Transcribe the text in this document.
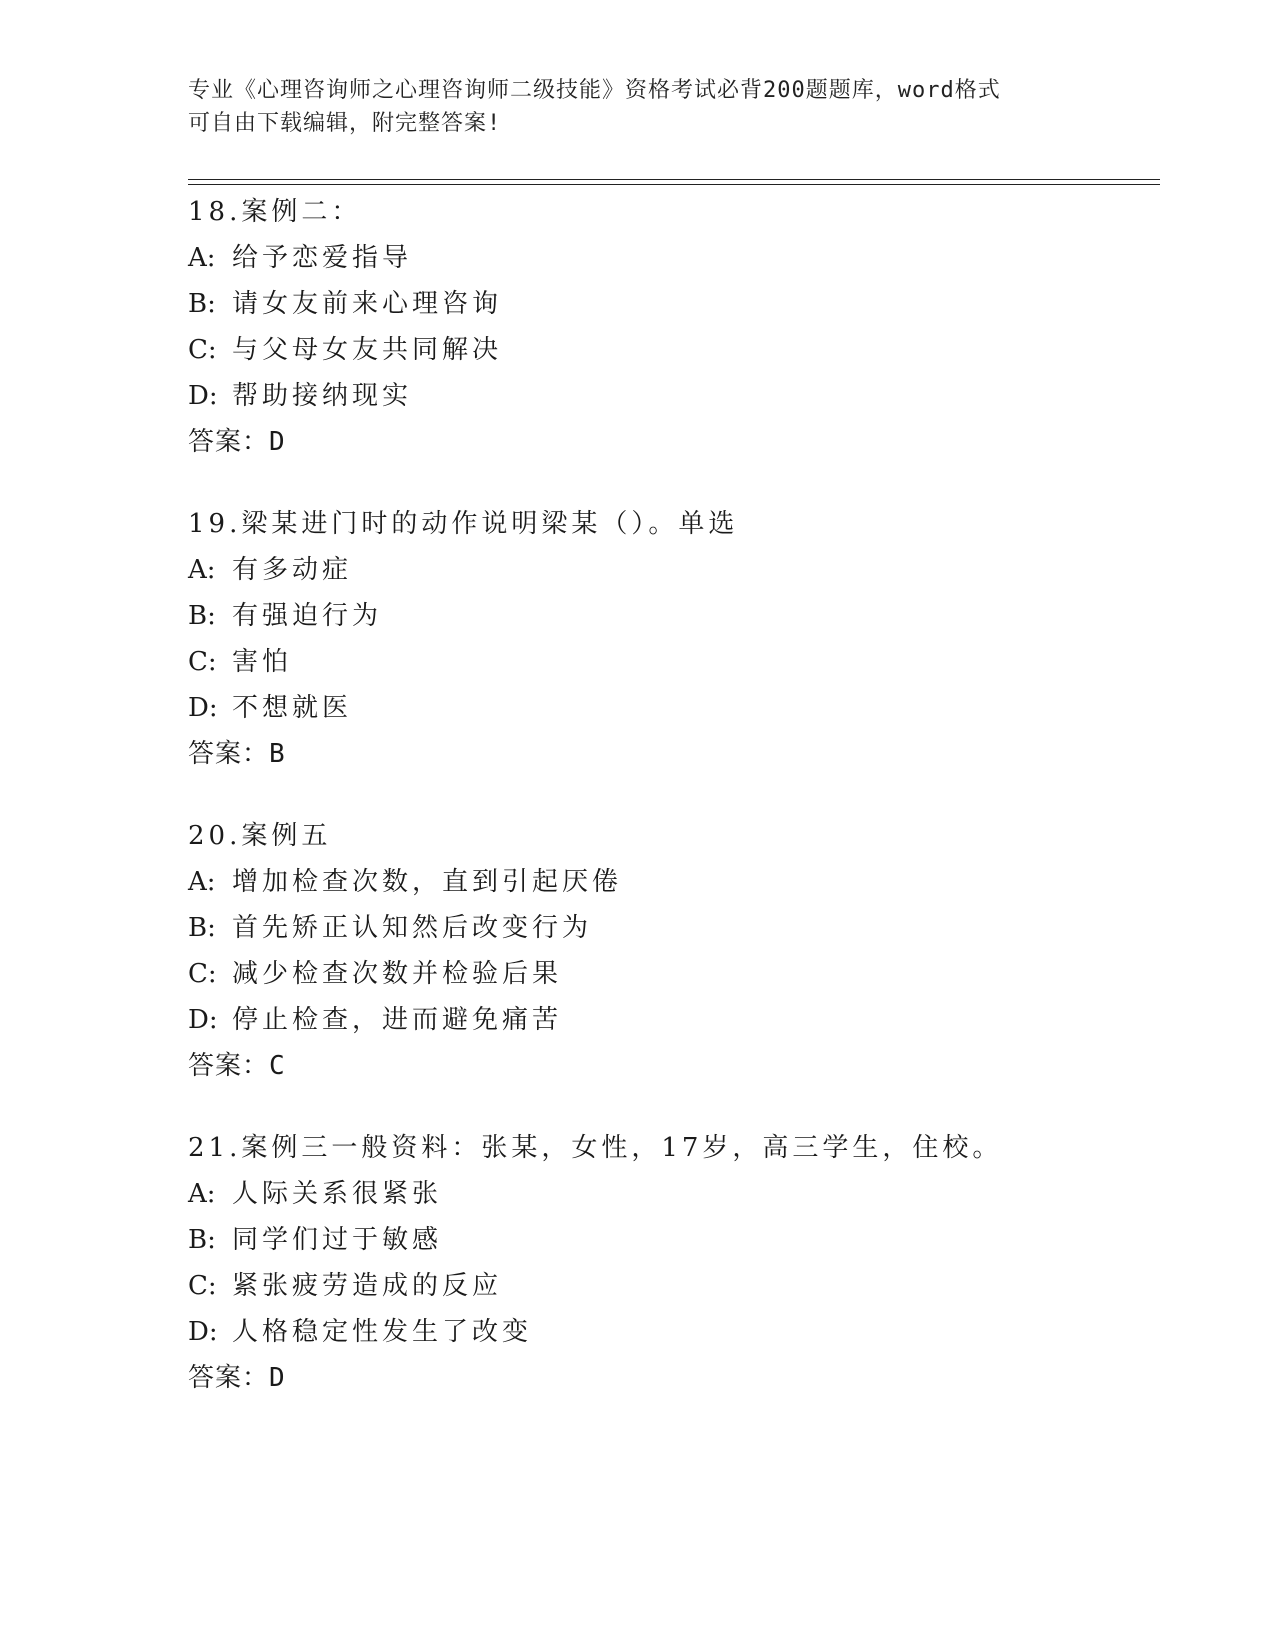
专业《心理咨询师之心理咨询师二级技能》资格考试必背200题题库，word格式
可自由下载编辑，附完整答案!
18.案例二：
A: 给予恋爱指导
B: 请女友前来心理咨询
C: 与父母女友共同解决
D: 帮助接纳现实
答案：D
19.梁某进门时的动作说明梁某（）。单选
A: 有多动症
B: 有强迫行为
C: 害怕
D: 不想就医
答案：B
20.案例五
A: 增加检查次数，直到引起厌倦
B: 首先矫正认知然后改变行为
C: 减少检查次数并检验后果
D: 停止检查，进而避免痛苦
答案：C
21.案例三一般资料：张某，女性，17岁，高三学生，住校。
A: 人际关系很紧张
B: 同学们过于敏感
C: 紧张疲劳造成的反应
D: 人格稳定性发生了改变
答案：D
